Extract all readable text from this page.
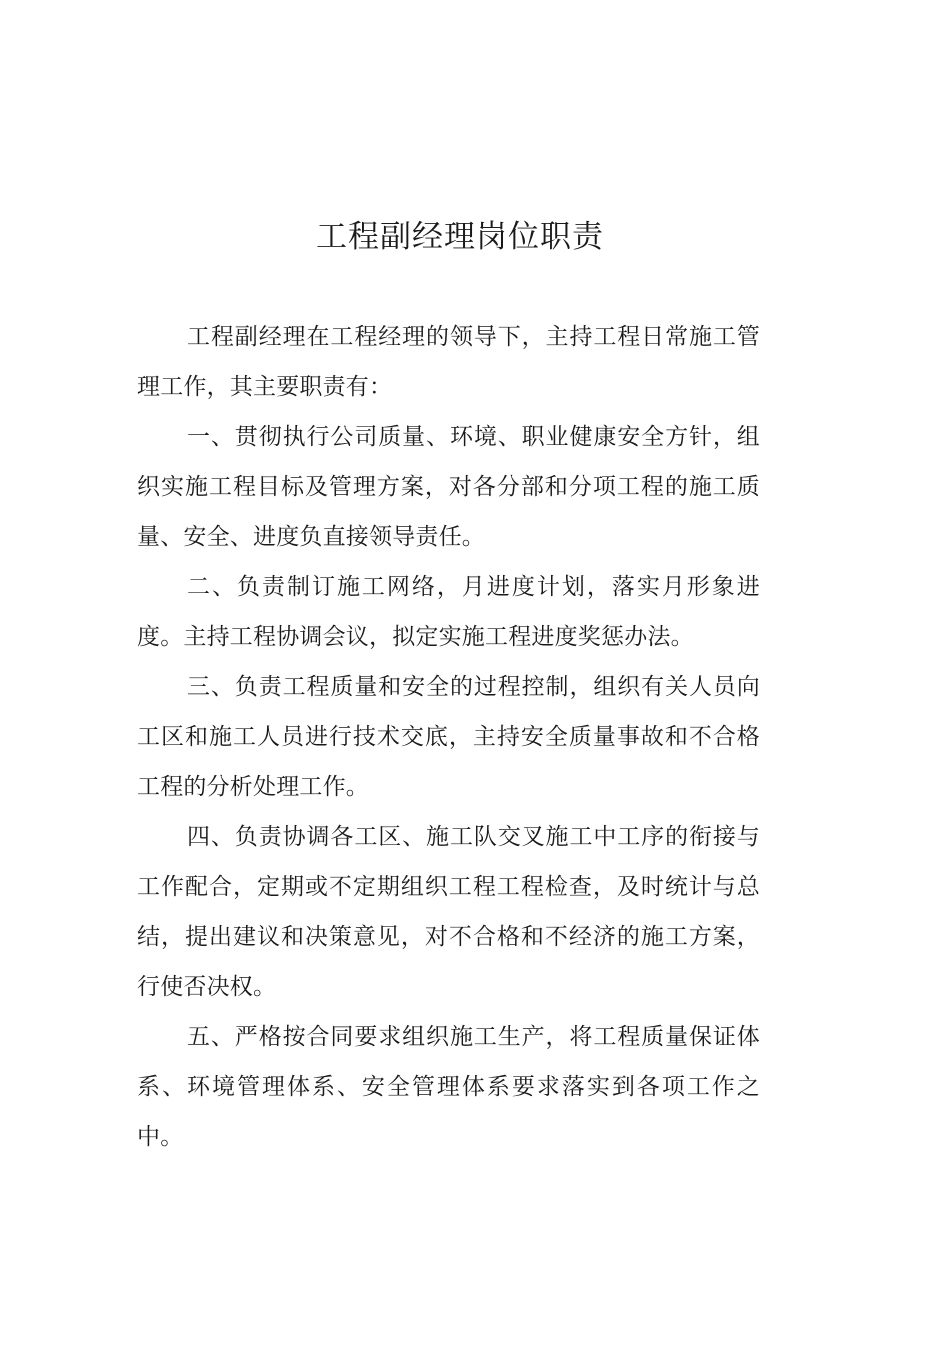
工程副经理岗位职责

工程副经理在工程经理的领导下，主持工程日常施工管理工作，其主要职责有：

一、贯彻执行公司质量、环境、职业健康安全方针，组织实施工程目标及管理方案，对各分部和分项工程的施工质量、安全、进度负直接领导责任。

二、负责制订施工网络，月进度计划，落实月形象进度。主持工程协调会议，拟定实施工程进度奖惩办法。

三、负责工程质量和安全的过程控制，组织有关人员向工区和施工人员进行技术交底，主持安全质量事故和不合格工程的分析处理工作。

四、负责协调各工区、施工队交叉施工中工序的衔接与工作配合，定期或不定期组织工程工程检查，及时统计与总结，提出建议和决策意见，对不合格和不经济的施工方案，行使否决权。

五、严格按合同要求组织施工生产，将工程质量保证体系、环境管理体系、安全管理体系要求落实到各项工作之中。
